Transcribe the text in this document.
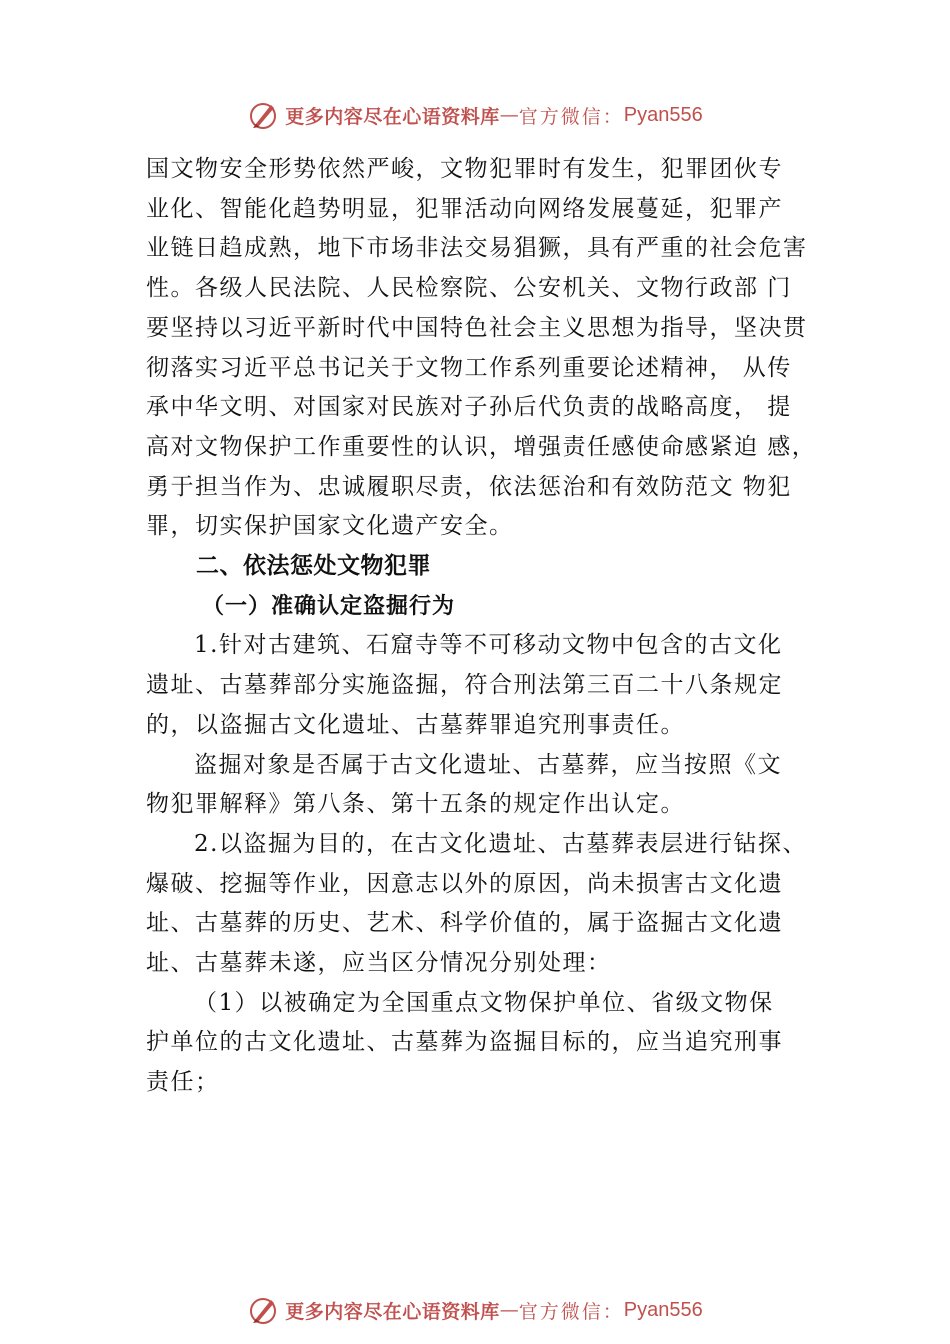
更多内容尽在心语资料库 — 官方微信： Pyan556

国文物安全形势依然严峻，文物犯罪时有发生，犯罪团伙专
业化、智能化趋势明显，犯罪活动向网络发展蔓延，犯罪产
业链日趋成熟，地下市场非法交易猖獗，具有严重的社会危害
性。各级人民法院、人民检察院、公安机关、文物行政部 门
要坚持以习近平新时代中国特色社会主义思想为指导，坚决贯
彻落实习近平总书记关于文物工作系列重要论述精神， 从传
承中华文明、对国家对民族对子孙后代负责的战略高度， 提
高对文物保护工作重要性的认识，增强责任感使命感紧迫 感，
勇于担当作为、忠诚履职尽责，依法惩治和有效防范文 物犯
罪，切实保护国家文化遗产安全。

二、依法惩处文物犯罪

（一）准确认定盗掘行为

1.针对古建筑、石窟寺等不可移动文物中包含的古文化
遗址、古墓葬部分实施盗掘，符合刑法第三百二十八条规定
的，以盗掘古文化遗址、古墓葬罪追究刑事责任。

盗掘对象是否属于古文化遗址、古墓葬，应当按照《文
物犯罪解释》第八条、第十五条的规定作出认定。

2.以盗掘为目的，在古文化遗址、古墓葬表层进行钻探、
爆破、挖掘等作业，因意志以外的原因，尚未损害古文化遗
址、古墓葬的历史、艺术、科学价值的，属于盗掘古文化遗
址、古墓葬未遂，应当区分情况分别处理：

（1）以被确定为全国重点文物保护单位、省级文物保
护单位的古文化遗址、古墓葬为盗掘目标的，应当追究刑事
责任；

更多内容尽在心语资料库 — 官方微信： Pyan556
